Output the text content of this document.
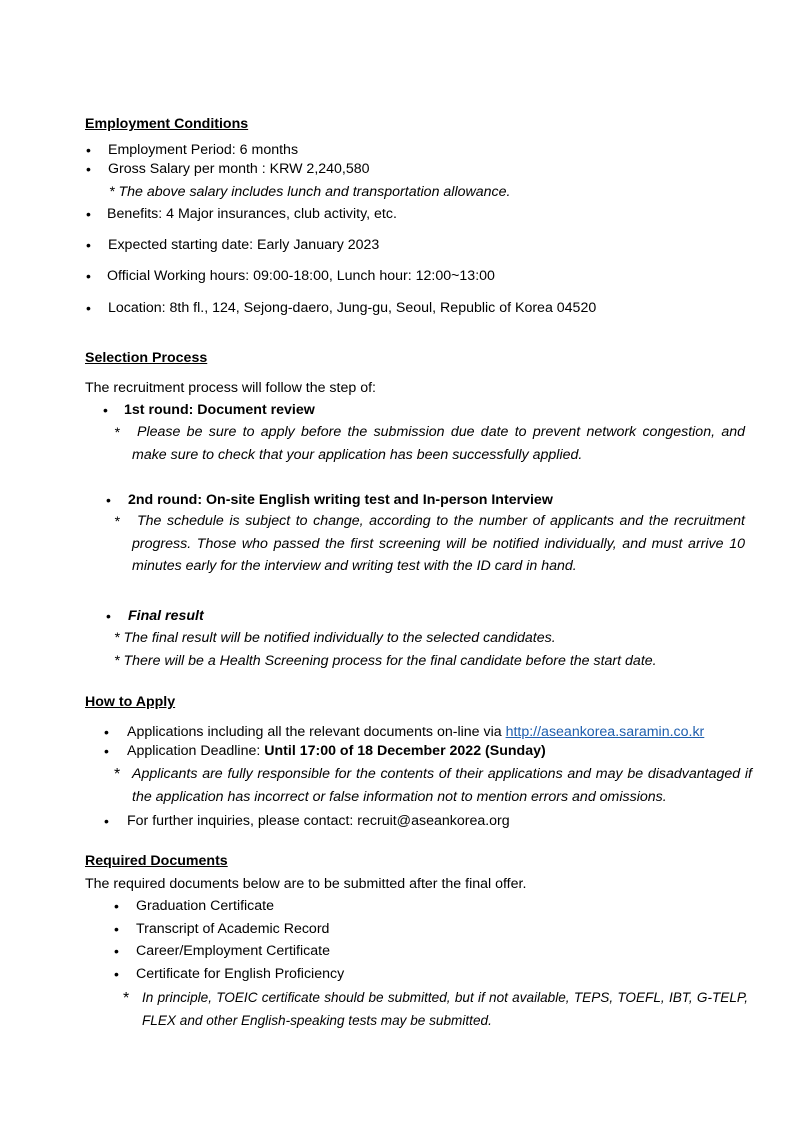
Employment Conditions
• Employment Period: 6 months
• Gross Salary per month : KRW 2,240,580
* The above salary includes lunch and transportation allowance.
• Benefits: 4 Major insurances, club activity, etc.
• Expected starting date: Early January 2023
• Official Working hours: 09:00-18:00, Lunch hour: 12:00~13:00
• Location: 8th fl., 124, Sejong-daero, Jung-gu, Seoul, Republic of Korea 04520
Selection Process
The recruitment process will follow the step of:
• 1st round: Document review
*	Please be sure to apply before the submission due date to prevent network congestion, and make sure to check that your application has been successfully applied.
• 2nd round: On-site English writing test and In-person Interview
*	The schedule is subject to change, according to the number of applicants and the recruitment progress. Those who passed the first screening will be notified individually, and must arrive 10 minutes early for the interview and writing test with the ID card in hand.
• Final result
* The final result will be notified individually to the selected candidates.
* There will be a Health Screening process for the final candidate before the start date.
How to Apply
• Applications including all the relevant documents on-line via http://aseankorea.saramin.co.kr
• Application Deadline: Until 17:00 of 18 December 2022 (Sunday)
* Applicants are fully responsible for the contents of their applications and may be disadvantaged if the application has incorrect or false information not to mention errors and omissions.
• For further inquiries, please contact: recruit@aseankorea.org
Required Documents
The required documents below are to be submitted after the final offer.
• Graduation Certificate
• Transcript of Academic Record
• Career/Employment Certificate
• Certificate for English Proficiency
* In principle, TOEIC certificate should be submitted, but if not available, TEPS, TOEFL, IBT, G-TELP, FLEX and other English-speaking tests may be submitted.
